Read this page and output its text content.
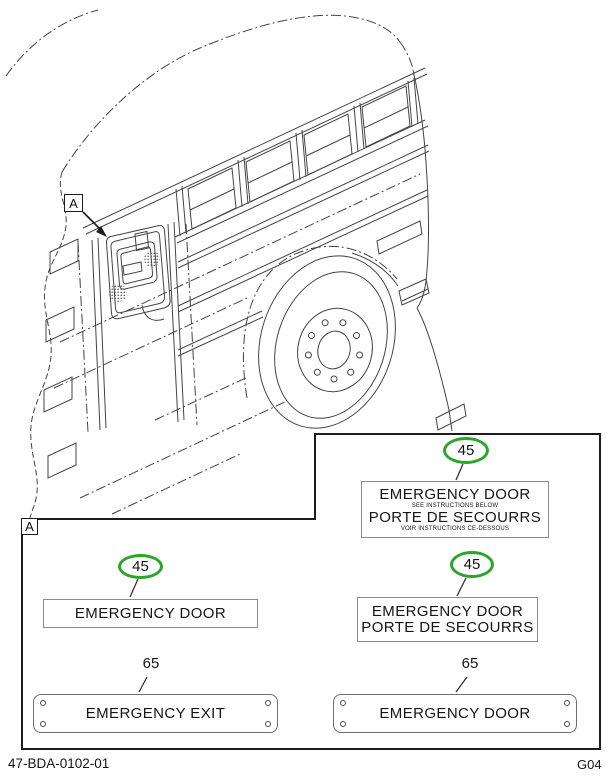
A
A
45
EMERGENCY DOOR
SEE INSTRUCTIONS BELOW
PORTE DE SECOURRS
VOIR INSTRUCTIONS CE-DESSOUS
45
EMERGENCY DOOR
45
EMERGENCY DOOR
PORTE DE SECOURRS
65
EMERGENCY EXIT
65
EMERGENCY DOOR
47-BDA-0102-01	G04
